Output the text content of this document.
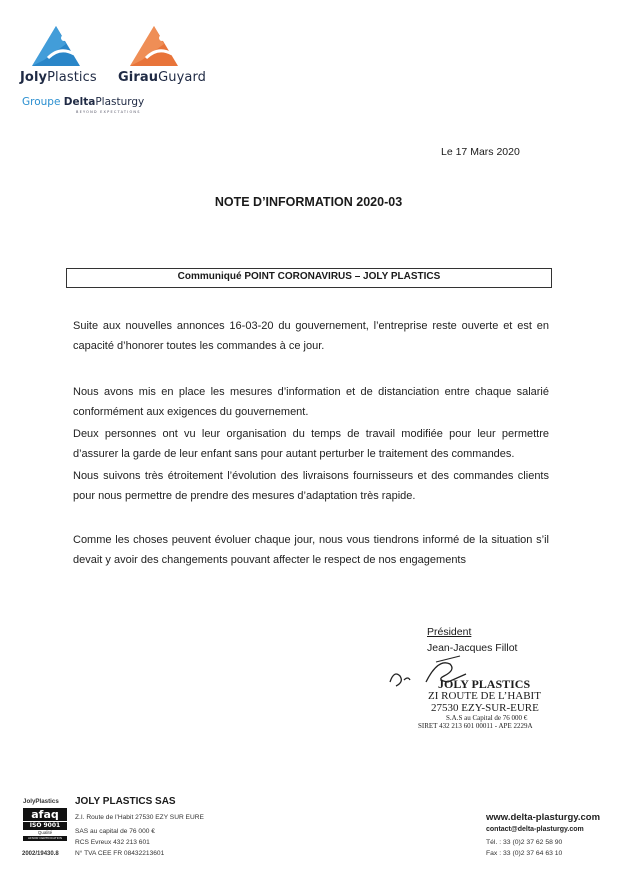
JolyPlastics GirauGuyard
Groupe DeltaPlasturgy
BEYOND EXPECTATIONS
Le 17 Mars 2020
NOTE D’INFORMATION 2020-03
Communiqué POINT CORONAVIRUS – JOLY PLASTICS
Suite aux nouvelles annonces 16-03-20 du gouvernement, l’entreprise reste ouverte et est en capacité d’honorer toutes les commandes à ce jour.
Nous avons mis en place les mesures d’information et de distanciation entre chaque salarié conformément aux exigences du gouvernement.
Deux personnes ont vu leur organisation du temps de travail modifiée pour leur permettre d’assurer la garde de leur enfant sans pour autant perturber le traitement des commandes.
Nous suivons très étroitement l’évolution des livraisons fournisseurs et des commandes clients pour nous permettre de prendre des mesures d’adaptation très rapide.
Comme les choses peuvent évoluer chaque jour, nous vous tiendrons informé de la situation s’il devait y avoir des changements pouvant affecter le respect de nos engagements
Président
Jean-Jacques Fillot
JOLY PLASTICS
ZI ROUTE DE L’HABIT
27530 EZY-SUR-EURE
S.A.S au Capital de 76 000 €
SIRET 432 213 601 00011 - APE 2229A
JolyPlastics
afaq
ISO 9001
Qualité
AFNOR CERTIFICATION
2002/19430.8
JOLY PLASTICS SAS
Z.I. Route de l’Habit 27530 EZY SUR EURE
SAS au capital de 76 000 €
RCS Evreux 432 213 601
N° TVA CEE FR 08432213601
www.delta-plasturgy.com
contact@delta-plasturgy.com
Tél. : 33 (0)2 37 62 58 90
Fax : 33 (0)2 37 64 63 10
